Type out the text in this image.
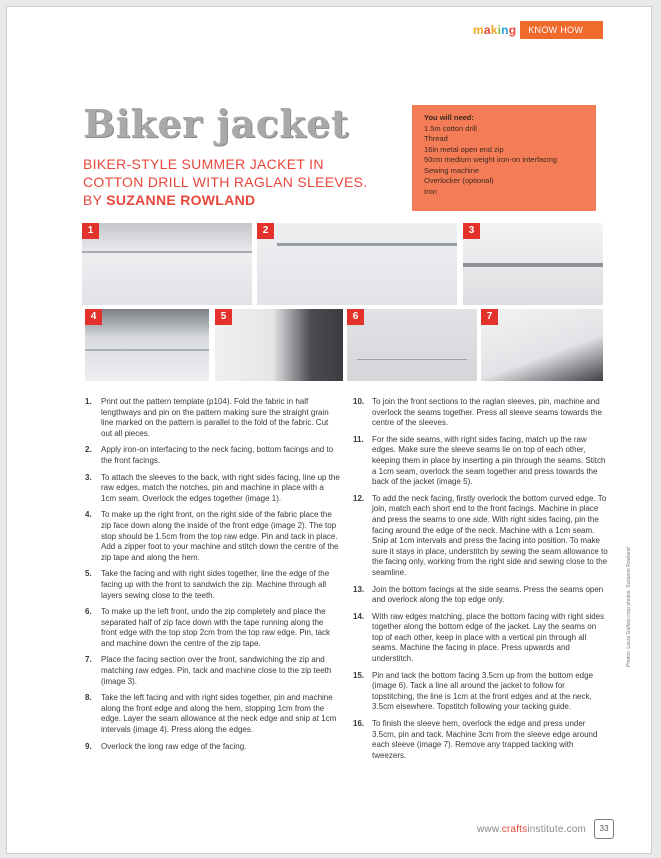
making	KNOW HOW
Biker jacket
BIKER-STYLE SUMMER JACKET IN COTTON DRILL WITH RAGLAN SLEEVES.
BY SUZANNE ROWLAND
You will need:
1.5m cotton drill
Thread
16in metal open end zip
50cm medium weight iron-on interfacing
Sewing machine
Overlocker (optional)
Iron
1	2	3
4	5	6	7
1.	Print out the pattern template (p104). Fold the fabric in half lengthways and pin on the pattern making sure the straight grain line marked on the pattern is parallel to the fold of the fabric. Cut out all pieces.
2.	Apply iron-on interfacing to the neck facing, bottom facings and to the front facings.
3.	To attach the sleeves to the back, with right sides facing, line up the raw edges, match the notches, pin and machine in place with a 1cm seam. Overlock the edges together (image 1).
4.	To make up the right front, on the right side of the fabric place the zip face down along the inside of the front edge (image 2). The top stop should be 1.5cm from the top raw edge. Pin and tack in place. Add a zipper foot to your machine and stitch down the centre of the zip tape and along the hem.
5.	Take the facing and with right sides together, line the edge of the facing up with the front to sandwich the zip. Machine through all layers sewing close to the teeth.
6.	To make up the left front, undo the zip completely and place the separated half of zip face down with the tape running along the front edge with the top stop 2cm from the top raw edge. Pin, tack and machine down the centre of the zip tape.
7.	Place the facing section over the front, sandwiching the zip and matching raw edges. Pin, tack and machine close to the zip teeth (image 3).
8.	Take the left facing and with right sides together, pin and machine along the front edge and along the hem, stopping 1cm from the edge. Layer the seam allowance at the neck edge and snip at 1cm intervals (image 4). Press along the edges.
9.	Overlock the long raw edge of the facing.
10. To join the front sections to the raglan sleeves, pin, machine and overlock the seams together. Press all sleeve seams towards the centre of the sleeves.
11.	For the side seams, with right sides facing, match up the raw edges. Make sure the sleeve seams lie on top of each other, keeping them in place by inserting a pin through the seams. Stitch a 1cm seam, overlock the seam together and press towards the back of the jacket (image 5).
12. To add the neck facing, firstly overlock the bottom curved edge. To join, match each short end to the front facings. Machine in place and press the seams to one side. With right sides facing, pin the facing around the edge of the neck. Machine with a 1cm seam. Snip at 1cm intervals and press the facing into position. To make sure it stays in place, understitch by sewing the seam allowance to the facing only, working from the right side and sewing close to the seamline.
13. Join the bottom facings at the side seams. Press the seams open and overlock along the top edge only.
14. With raw edges matching, place the bottom facing with right sides together along the bottom edge of the jacket. Lay the seams on top of each other, keep in place with a vertical pin through all seams. Machine the facing in place. Press upwards and understitch.
15. Pin and tack the bottom facing 3.5cm up from the bottom edge (image 6). Tack a line all around the jacket to follow for topstitching, the line is 1cm at the front edges and at the neck, 3.5cm elsewhere. Topstitch following your tacking guide.
16. To finish the sleeve hem, overlock the edge and press under 3.5cm, pin and tack. Machine 3cm from the sleeve edge around each sleeve (image 7). Remove any trapped tacking with tweezers.
Photos: Laura Gaffa/p.crop photos: Suzanne Rowland
www.craftsinstitute.com	33
